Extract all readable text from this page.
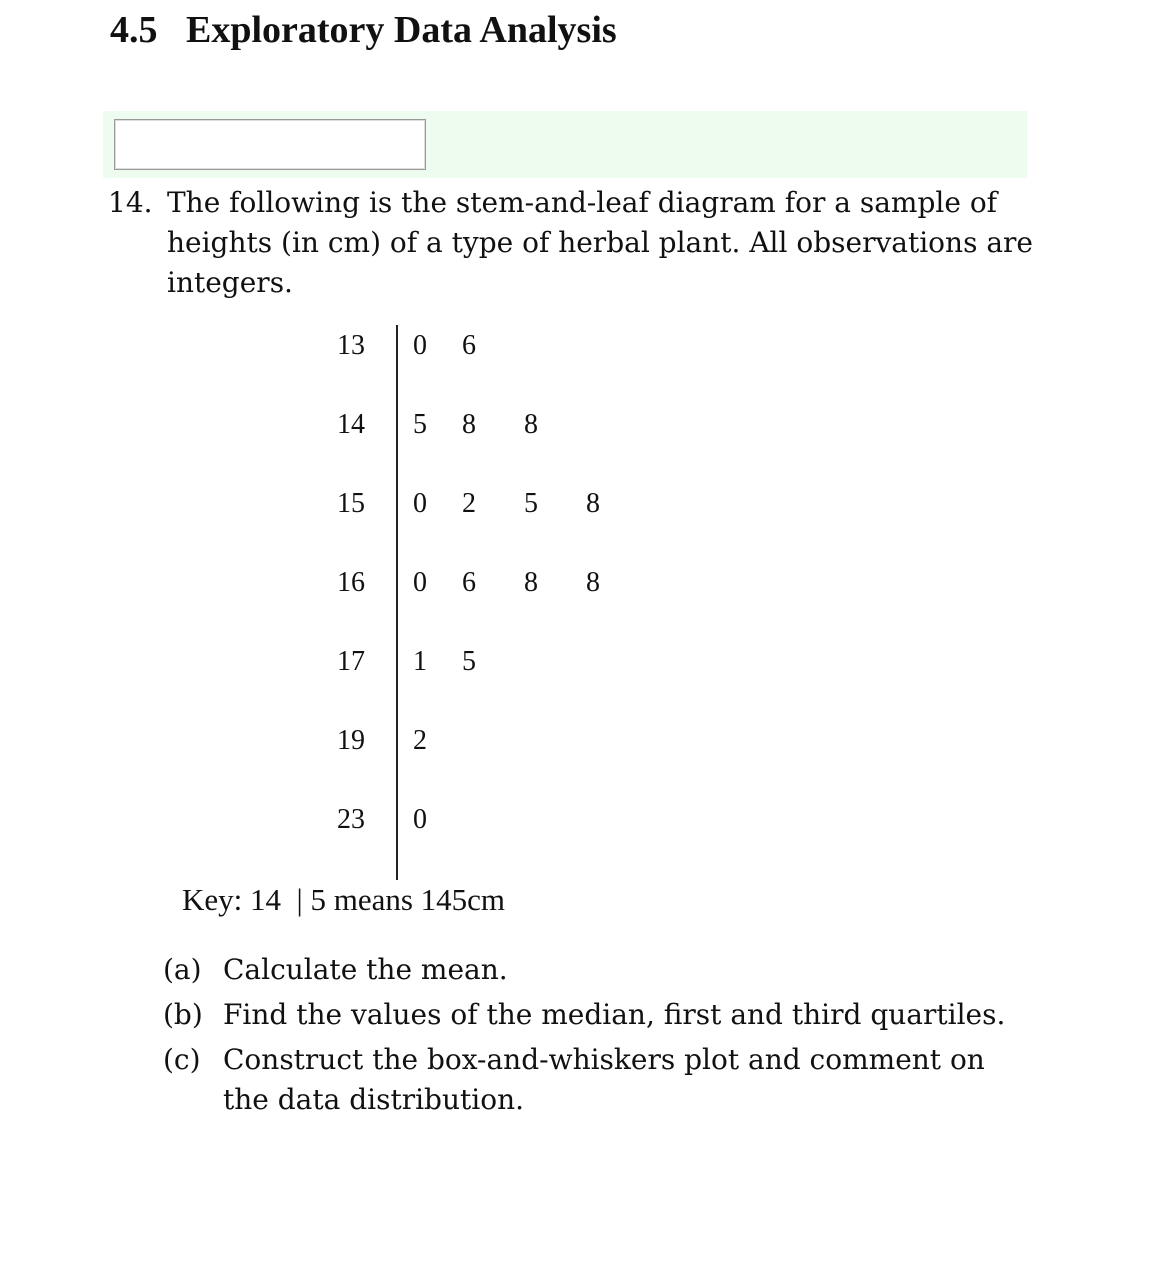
4.5   Exploratory Data Analysis
14. The following is the stem-and-leaf diagram for a sample of heights (in cm) of a type of herbal plant. All observations are integers.
13 0 6
14 5 8 8
15 0 2 5 8
16 0 6 8 8
17 1 5
19 2
23 0
Key: 14  | 5 means 145cm
(a) Calculate the mean.
(b) Find the values of the median, first and third quartiles.
(c) Construct the box-and-whiskers plot and comment on
the data distribution.
